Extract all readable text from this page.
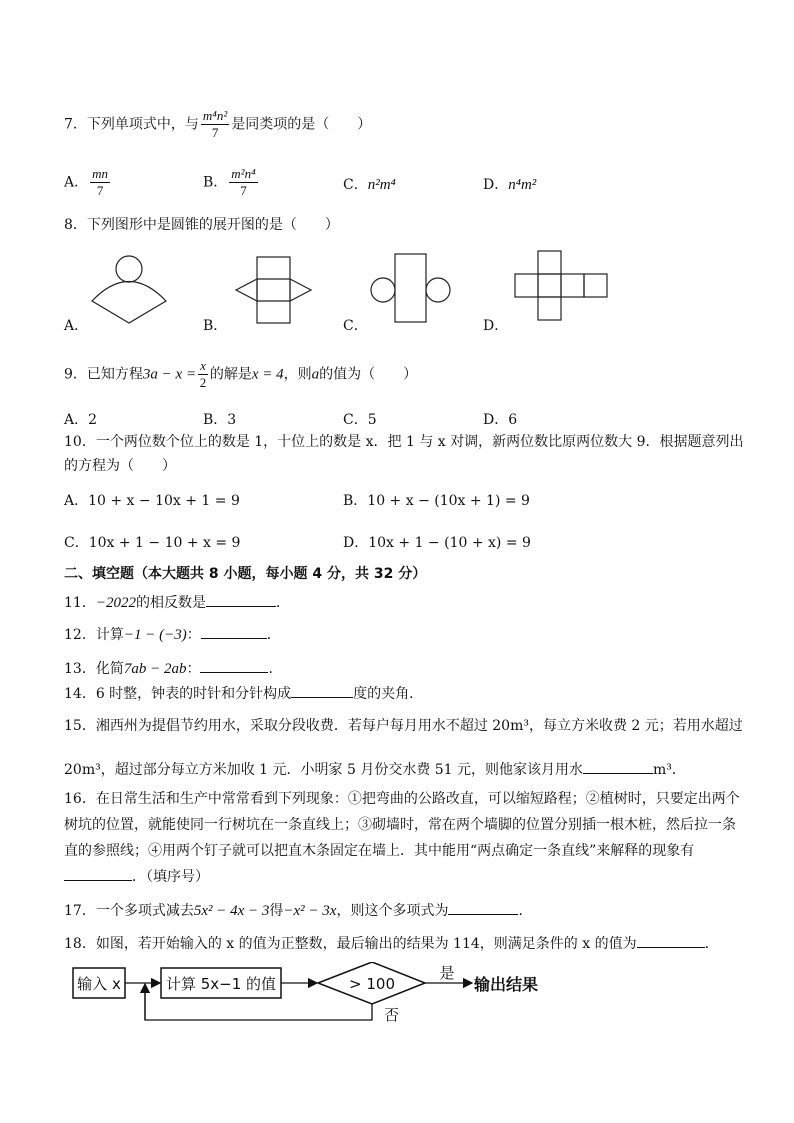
7．下列单项式中，与 $\frac{\text{m⁴n²}}{7}$ 是同类项的是（　　）
A． $\frac{mn}{7}$	B． $\frac{\text{m²n⁴}}{7}$	C．n²m⁴	D．n⁴m²
8．下列图形中是圆锥的展开图的是（　　）
A．	B．	C．	D．
9．已知方程$3a - x = \frac{x}{2}$ 的解是x = 4，则a的值为（　　）
A．2	B．3	C．5	D．6
10．一个两位数个位上的数是 1，十位上的数是 x．把 1 与 x 对调，新两位数比原两位数大 9．根据题意列出
的方程为（　　）
A．10 + x − 10x + 1 = 9	B．10 + x − (10x + 1) = 9
C．10x + 1 − 10 + x = 9	D．10x + 1 − (10 + x) = 9
二、填空题（本大题共 8 小题，每小题 4 分，共 32 分）
11．−2022的相反数是	．
12．计算−1 − (−3)：	．
13．化简7ab − 2ab：	．
14．6 时整，钟表的时针和分针构成	度的夹角．
15．湘西州为提倡节约用水，采取分段收费．若每户每月用水不超过 20m³，每立方米收费 2 元；若用水超过
20m³，超过部分每立方米加收 1 元．小明家 5 月份交水费 51 元，则他家该月用水	m³．
16．在日常生活和生产中常常看到下列现象：①把弯曲的公路改直，可以缩短路程；②植树时，只要定出两个
树坑的位置，就能使同一行树坑在一条直线上；③砌墙时，常在两个墙脚的位置分别插一根木桩，然后拉一条
直的参照线；④用两个钉子就可以把直木条固定在墙上．其中能用“两点确定一条直线”来解释的现象有
．（填序号）
17．一个多项式减去5x² − 4x − 3得−x² − 3x，则这个多项式为	．
18．如图，若开始输入的 x 的值为正整数，最后输出的结果为 114，则满足条件的 x 的值为	．
输入 x	计算 5x−1 的值	> 100
是
输出结果
否
